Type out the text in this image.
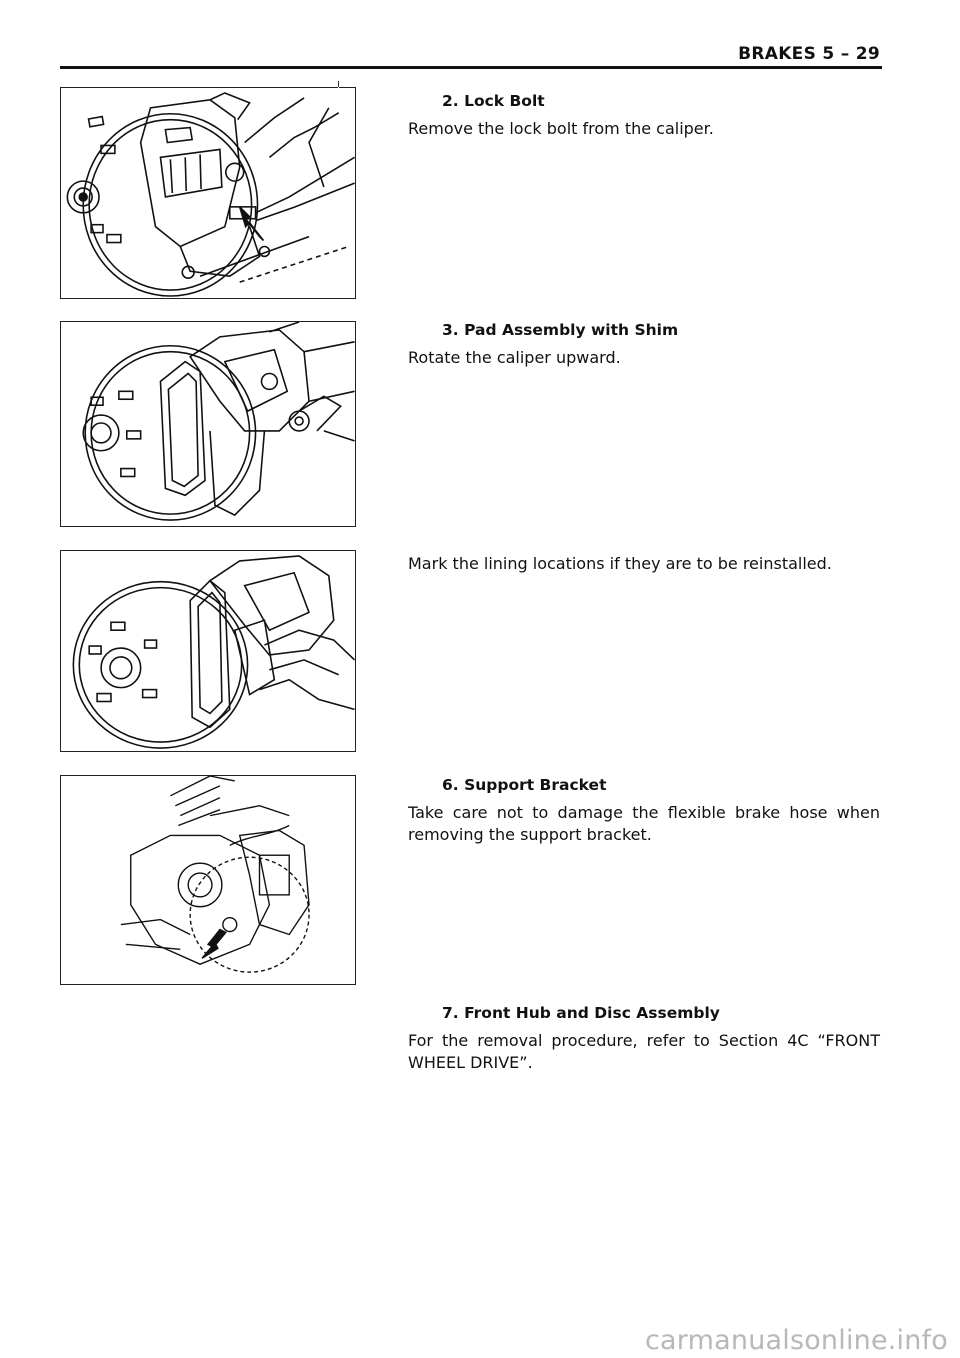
BRAKES 5 – 29
2. Lock Bolt
Remove the lock bolt from the caliper.
3. Pad Assembly with Shim
Rotate the caliper upward.
Mark the lining locations if they are to be reinstalled.
6. Support Bracket
Take care not to damage the flexible brake hose when removing the support bracket.
7. Front Hub and Disc Assembly
For the removal procedure, refer to Section 4C “FRONT WHEEL DRIVE”.
carmanualsonline.info
